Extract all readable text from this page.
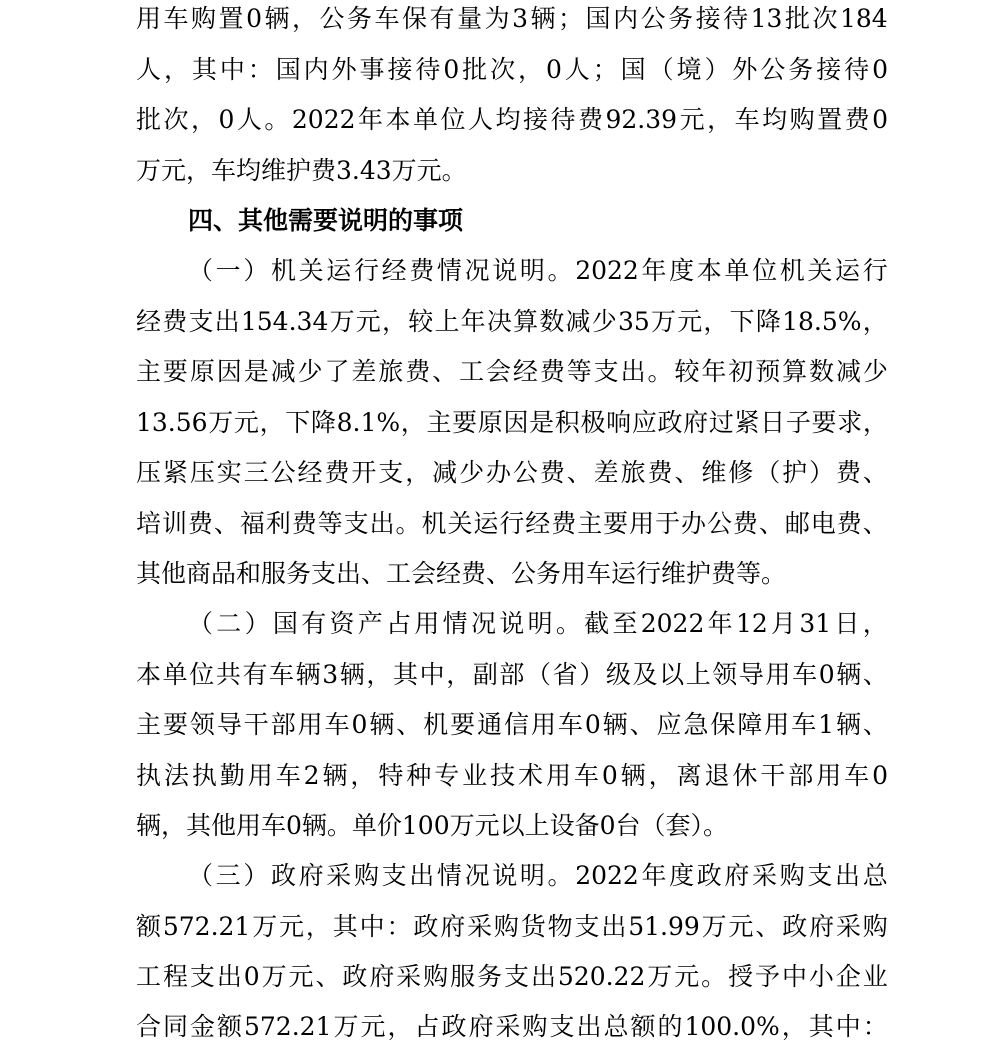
用 车 购 置 0 辆 ， 公 务 车 保 有 量 为 3 辆 ； 国 内 公 务 接 待 13 批 次 184
人 ， 其 中 ： 国 内 外 事 接 待 0 批 次 ， 0 人 ； 国 （ 境 ） 外 公 务 接 待 0
批 次 ， 0 人 。 2022 年 本 单 位 人 均 接 待 费 92.39 元 ， 车 均 购 置 费 0
万元，车均维护费3.43万元。
四、其他需要说明的事项
（ 一 ） 机 关 运 行 经 费 情 况 说 明 。 2022 年 度 本 单 位 机 关 运 行
经 费 支 出 154.34 万 元 ， 较 上 年 决 算 数 减 少 35 万 元 ， 下 降 18.5% ，
主 要 原 因 是 减 少 了 差 旅 费 、 工 会 经 费 等 支 出 。 较 年 初 预 算 数 减 少
13.56 万 元 ， 下 降 8.1% ， 主 要 原 因 是 积 极 响 应 政 府 过 紧 日 子 要 求 ，
压 紧 压 实 三 公 经 费 开 支 ， 减 少 办 公 费 、 差 旅 费 、 维 修 （ 护 ） 费 、
培 训 费 、 福 利 费 等 支 出 。 机 关 运 行 经 费 主 要 用 于 办 公 费 、 邮 电 费 、
其他商品和服务支出、工会经费、公务用车运行维护费等。
（ 二 ） 国 有 资 产 占 用 情 况 说 明 。 截 至 2022 年 12 月 31 日 ，
本 单 位 共 有 车 辆 3 辆 ， 其 中 ， 副 部 （ 省 ） 级 及 以 上 领 导 用 车 0 辆 、
主 要 领 导 干 部 用 车 0 辆 、 机 要 通 信 用 车 0 辆 、 应 急 保 障 用 车 1 辆 、
执 法 执 勤 用 车 2 辆 ， 特 种 专 业 技 术 用 车 0 辆 ， 离 退 休 干 部 用 车 0
辆，其他用车0辆。单价100万元以上设备0台（套）。
（ 三 ） 政 府 采 购 支 出 情 况 说 明 。 2022 年 度 政 府 采 购 支 出 总
额 572.21 万 元 ， 其 中 ： 政 府 采 购 货 物 支 出 51.99 万 元 、 政 府 采 购
工 程 支 出 0 万 元 、 政 府 采 购 服 务 支 出 520.22 万 元 。 授 予 中 小 企 业
合 同 金 额 572.21 万 元 ， 占 政 府 采 购 支 出 总 额 的 100.0% ， 其 中 ：
